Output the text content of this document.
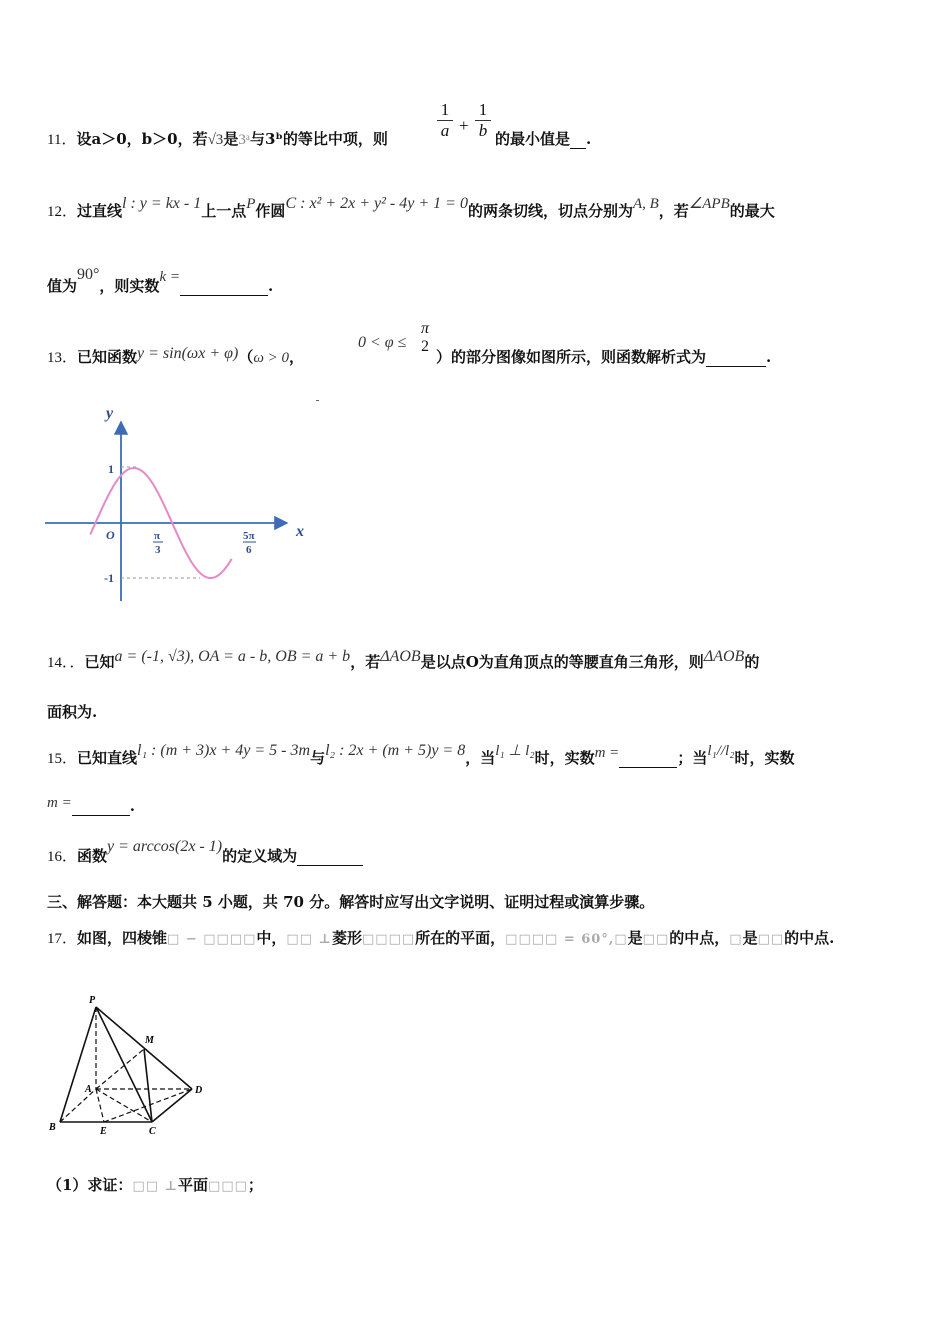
11．设a＞0，b＞0，若√3是3ᵃ与3ᵇ的等比中项，则	$\frac{1}{a} + \frac{1}{b}$ 的最小值是 .
12．过直线l : y = kx - 1上一点P作圆C : x² + 2x + y² - 4y + 1 = 0的两条切线，切点分别为A, B，若∠APB的最大
值为90°，则实数k =	.
13．已知函数y = sin(ωx + φ)（ω > 0，
0 < φ ≤
π
2
）的部分图像如图所示，则函数解析式为	.
y
x
O
1
-1
π
3
5π
6
14．．已知a = (-1, √3), OA = a - b, OB = a + b，若ΔAOB是以点O为直角顶点的等腰直角三角形，则ΔAOB的
面积为.
15．已知直线l₁ : (m + 3)x + 4y = 5 - 3m与l₂ : 2x + (m + 5)y = 8，当l₁ ⊥ l₂时，实数m =	；当l₁//l₂时，实数
m =	.
16．函数y = arccos(2x - 1)的定义域为
三、解答题：本大题共 5 小题，共 70 分。解答时应写出文字说明、证明过程或演算步骤。
17．如图，四棱锥□ − □□□□中，□□ ⊥菱形□□□□所在的平面，□□□□ = 60°,□是□□的中点，□是□□的中点.
P
M
A	D
B	E	C
（1）求证：□□ ⊥平面□□□；
